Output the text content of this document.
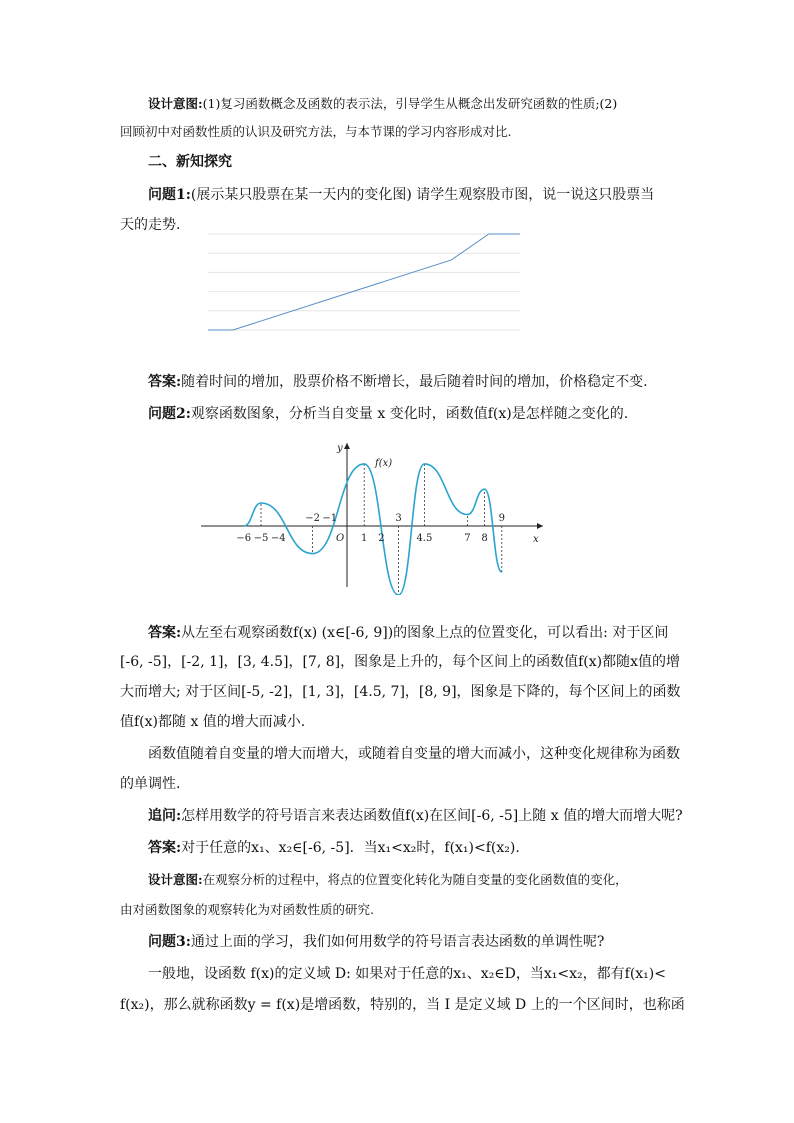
设计意图:(1)复习函数概念及函数的表示法，引导学生从概念出发研究函数的性质;(2)
回顾初中对函数性质的认识及研究方法，与本节课的学习内容形成对比.
二、新知探究
问题1:(展示某只股票在某一天内的变化图) 请学生观察股市图，说一说这只股票当
天的走势.
答案:随着时间的增加，股票价格不断增长，最后随着时间的增加，价格稳定不变.
问题2:观察函数图象，分析当自变量 x 变化时，函数值f(x)是怎样随之变化的.
−6 −5 −4	1 2	4.5	7 8
−2 −1	3	9
x
y
O
f(x)
答案:从左至右观察函数f(x) (x∈[-6, 9])的图象上点的位置变化，可以看出: 对于区间
[-6, -5]，[-2, 1]，[3, 4.5]，[7, 8]，图象是上升的，每个区间上的函数值f(x)都随x值的增
大而增大; 对于区间[-5, -2]，[1, 3]，[4.5, 7]，[8, 9]，图象是下降的，每个区间上的函数
值f(x)都随 x 值的增大而减小.
函数值随着自变量的增大而增大，或随着自变量的增大而减小，这种变化规律称为函数
的单调性.
追问:怎样用数学的符号语言来表达函数值f(x)在区间[-6, -5]上随 x 值的增大而增大呢?
答案:对于任意的x₁、x₂∈[-6, -5]．当x₁<x₂时，f(x₁)<f(x₂).
设计意图:在观察分析的过程中，将点的位置变化转化为随自变量的变化函数值的变化，
由对函数图象的观察转化为对函数性质的研究.
问题3:通过上面的学习，我们如何用数学的符号语言表达函数的单调性呢?
一般地，设函数 f(x)的定义域 D: 如果对于任意的x₁、x₂∈D，当x₁<x₂，都有f(x₁)<
f(x₂)，那么就称函数y = f(x)是增函数，特别的，当 I 是定义域 D 上的一个区间时，也称函
